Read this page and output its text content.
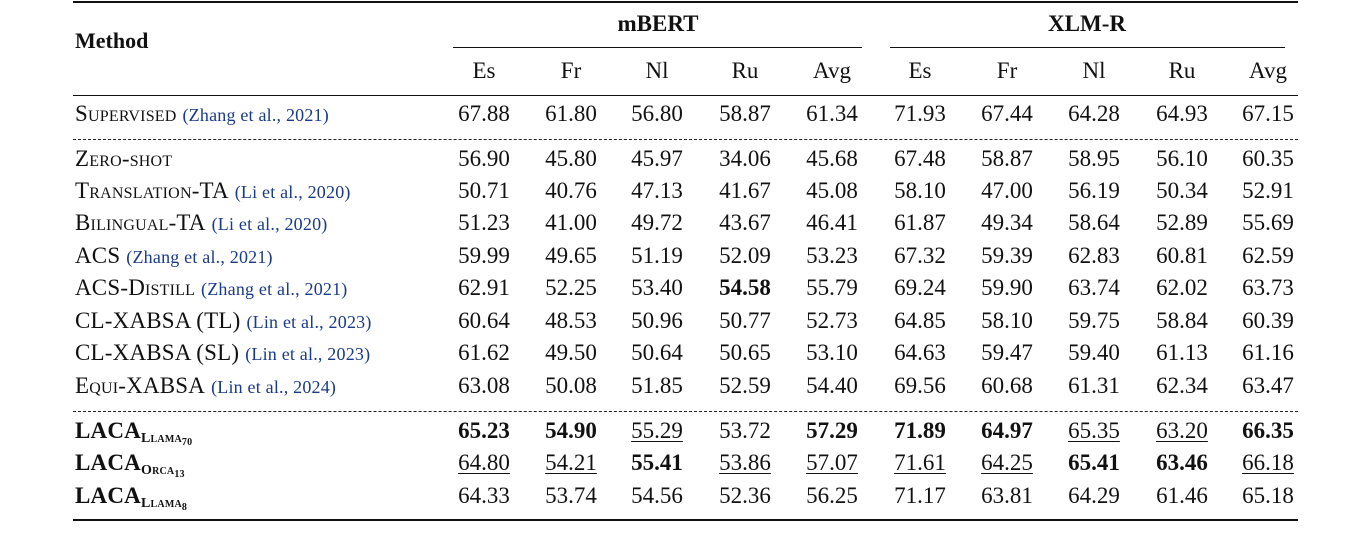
Method
mBERT	XLM-R
Es	Fr	Nl	Ru Avg	Es	Fr	Nl	Ru Avg
Supervised (Zhang et al., 2021)	67.88 61.80 56.80 58.87 61.34 71.93 67.44 64.28 64.93 67.15
Zero-shot	56.90 45.80 45.97 34.06 45.68 67.48 58.87 58.95 56.10 60.35
Translation-TA (Li et al., 2020)	50.71 40.76 47.13 41.67 45.08 58.10 47.00 56.19 50.34 52.91
Bilingual-TA (Li et al., 2020)	51.23 41.00 49.72 43.67 46.41 61.87 49.34 58.64 52.89 55.69
ACS (Zhang et al., 2021)	59.99 49.65 51.19 52.09 53.23 67.32 59.39 62.83 60.81 62.59
ACS-Distill (Zhang et al., 2021)	62.91 52.25 53.40 54.58 55.79 69.24 59.90 63.74 62.02 63.73
CL-XABSA (TL) (Lin et al., 2023)	60.64 48.53 50.96 50.77 52.73 64.85 58.10 59.75 58.84 60.39
CL-XABSA (SL) (Lin et al., 2023)	61.62 49.50 50.64 50.65 53.10 64.63 59.47 59.40 61.13 61.16
Equi-XABSA (Lin et al., 2024)	63.08 50.08 51.85 52.59 54.40 69.56 60.68 61.31 62.34 63.47
$LACA_{Llama_{70}}$	65.23 54.90 55.29 53.72 57.29 71.89 64.97 65.35 63.20 66.35
$LACA_{Orca_{13}}$	64.80 54.21 55.41 53.86 57.07 71.61 64.25 65.41 63.46 66.18
$LACA_{Llama_8}$	64.33 53.74 54.56 52.36 56.25 71.17 63.81 64.29 61.46 65.18
